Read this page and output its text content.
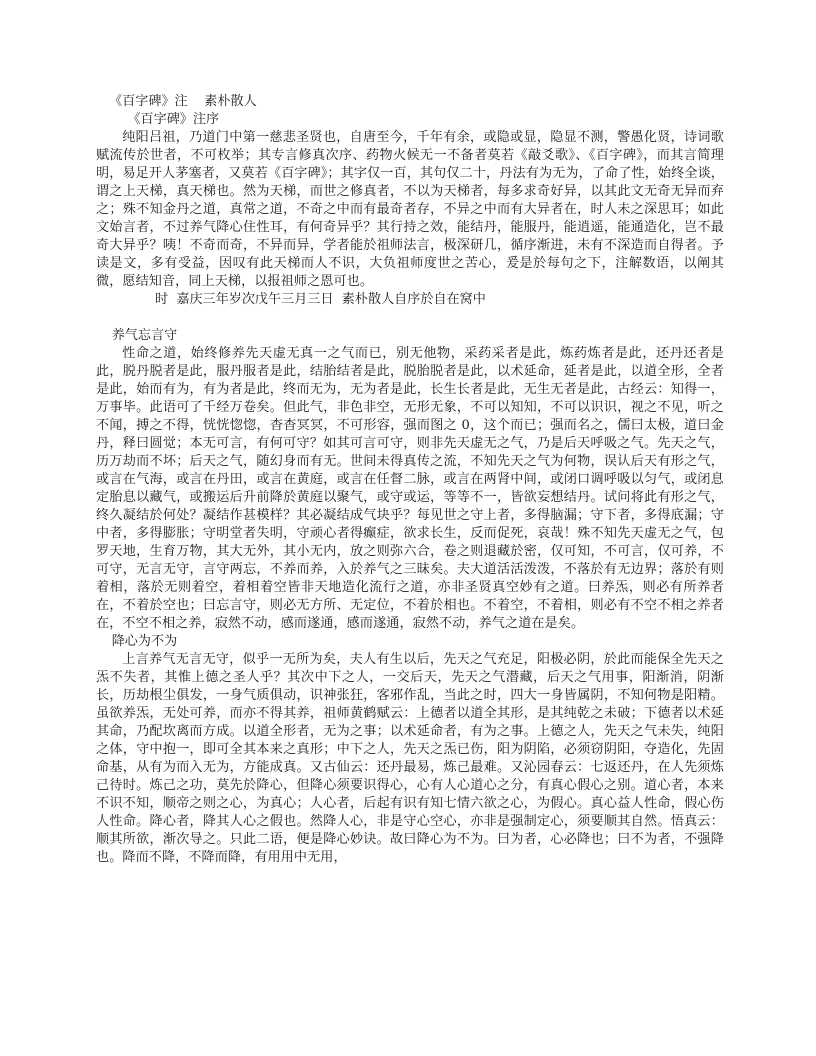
《百字碑》注    素朴散人
《百字碑》注序

纯阳吕祖，乃道门中第一慈悲圣贤也，自唐至今，千年有余，或隐或显，隐显不测，警愚化贤，诗词歌赋流传於世者，不可枚举；其专言修真次序、药物火候无一不备者莫若《敲爻歌》、《百字碑》，而其言简理明，易足开人茅塞者，又莫若《百字碑》；其字仅一百，其句仅二十，丹法有为无为，了命了性，始终全谈，谓之上天梯，真天梯也。然为天梯，而世之修真者，不以为天梯者，每多求奇好异，以其此文无奇无异而弃之；殊不知金丹之道，真常之道，不奇之中而有最奇者存，不异之中而有大异者在，时人未之深思耳；如此文始言者，不过养气降心住性耳，有何奇异乎？其行持之效，能结丹，能服丹，能逍遥，能通造化，岂不最奇大异乎？咦！不奇而奇，不异而异，学者能於祖师法言，极深研几，循序渐进，未有不深造而自得者。予读是文，多有受益，因叹有此天梯而人不识，大负祖师度世之苦心，爰是於每句之下，注解数语，以阐其微，愿结知音，同上天梯，以报祖师之恩可也。

时  嘉庆三年岁次戊午三月三日  素朴散人自序於自在窝中
养气忘言守

性命之道，始终修养先天虚无真一之气而已，别无他物，采药采者是此，炼药炼者是此，还丹还者是此，脱丹脱者是此，服丹服者是此，结胎结者是此，脱胎脱者是此，以术延命，延者是此，以道全形，全者是此，始而有为，有为者是此，终而无为，无为者是此，长生长者是此，无生无者是此，古经云：知得一，万事毕。此语可了千经万卷矣。但此气，非色非空，无形无象，不可以知知，不可以识识，视之不见，听之不闻，搏之不得，恍恍惚惚，杳杳冥冥，不可形容，强而图之 0，这个而已；强而名之，儒曰太极，道曰金丹，释曰圆觉；本无可言，有何可守？如其可言可守，则非先天虚无之气，乃是后天呼吸之气。先天之气，历万劫而不坏；后天之气，随幻身而有无。世间未得真传之流，不知先天之气为何物，误认后天有形之气，或言在气海，或言在丹田，或言在黄庭，或言在任督二脉，或言在两肾中间，或闭口调呼吸以匀气，或闭息定胎息以藏气，或搬运后升前降於黄庭以聚气，或守或运，等等不一，皆欲妄想结丹。试问将此有形之气，终久凝结於何处？凝结作甚模样？其必凝结成气块乎？每见世之守上者，多得脑漏；守下者，多得底漏；守中者，多得膨胀；守明堂者失明，守顽心者得癫症，欲求长生，反而促死，哀哉！殊不知先天虚无之气，包罗天地，生育万物，其大无外，其小无内，放之则弥六合，卷之则退藏於密，仅可知，不可言，仅可养，不可守，无言无守，言守两忘，不养而养，入於养气之三昧矣。夫大道活活泼泼，不落於有无边界；落於有则着相，落於无则着空，着相着空皆非天地造化流行之道，亦非圣贤真空妙有之道。曰养炁，则必有所养者在，不着於空也；曰忘言守，则必无方所、无定位，不着於相也。不着空，不着相，则必有不空不相之养者在，不空不相之养，寂然不动，感而遂通，感而遂通，寂然不动，养气之道在是矣。

降心为不为

上言养气无言无守，似乎一无所为矣，夫人有生以后，先天之气充足，阳极必阴，於此而能保全先天之炁不失者，其惟上德之圣人乎？其次中下之人，一交后天，先天之气潜藏，后天之气用事，阳渐消，阴渐长，历劫根尘俱发，一身气质俱动，识神张狂，客邪作乱，当此之时，四大一身皆属阴，不知何物是阳精。虽欲养炁，无处可养，而亦不得其养，祖师黄鹤赋云：上德者以道全其形，是其纯乾之未破；下德者以术延其命，乃配坎离而方成。以道全形者，无为之事；以术延命者，有为之事。上德之人，先天之气未失，纯阳之体，守中抱一，即可全其本来之真形；中下之人，先天之炁已伤，阳为阴陷，必须窃阴阳，夺造化，先固命基，从有为而入无为，方能成真。又古仙云：还丹最易，炼己最难。又沁园春云：七返还丹，在人先须炼己待时。炼己之功，莫先於降心，但降心须要识得心，心有人心道心之分，有真心假心之别。道心者，本来不识不知，顺帝之则之心，为真心；人心者，后起有识有知七情六欲之心，为假心。真心益人性命，假心伤人性命。降心者，降其人心之假也。然降人心，非是守心空心，亦非是强制定心，须要顺其自然。悟真云：顺其所欲，渐次导之。只此二语，便是降心妙诀。故曰降心为不为。曰为者，心必降也；曰不为者，不强降也。降而不降，不降而降，有用用中无用，
